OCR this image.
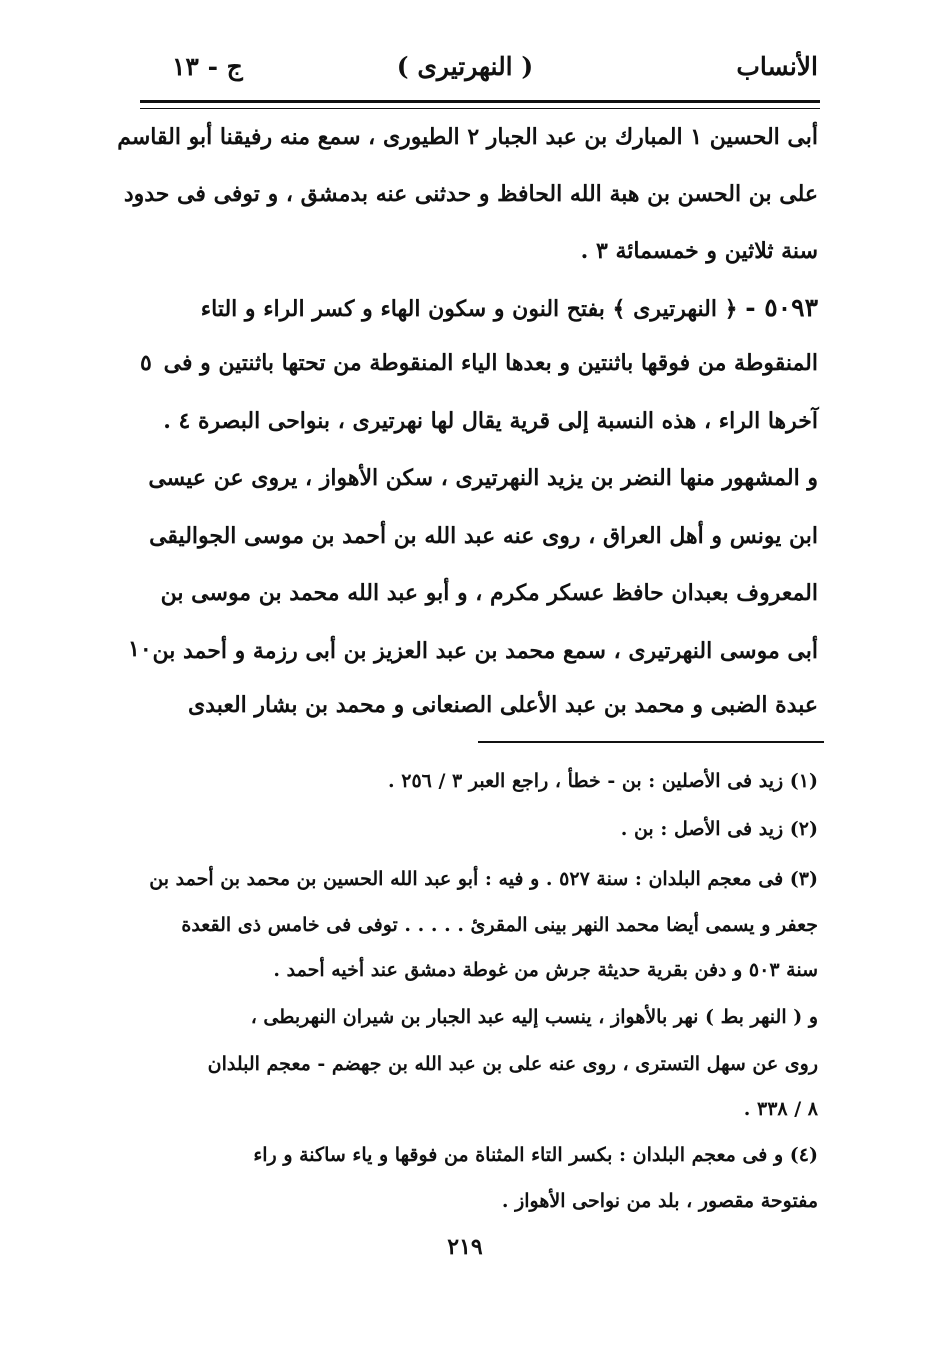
الأنساب
( النهرتيرى )
ج - ١٣
أبى الحسين ١ المبارك بن عبد الجبار ٢ الطيورى ، سمع منه رفيقنا أبو القاسم
على بن الحسن بن هبة الله الحافظ و حدثنى عنه بدمشق ، و توفى فى حدود
سنة ثلاثين و خمسمائة ٣ .
٥٠٩٣ - ﴿ النهرتيرى ﴾ بفتح النون و سكون الهاء و كسر الراء و التاء
المنقوطة من فوقها باثنتين و بعدها الياء المنقوطة من تحتها باثنتين و فى
٥
آخرها الراء ، هذه النسبة إلى قرية يقال لها نهرتيرى ، بنواحى البصرة ٤ .
و المشهور منها النضر بن يزيد النهرتيرى ، سكن الأهواز ، يروى عن عيسى
ابن يونس و أهل العراق ، روى عنه عبد الله بن أحمد بن موسى الجواليقى
المعروف بعبدان حافظ عسكر مكرم ، و أبو عبد الله محمد بن موسى بن
أبى موسى النهرتيرى ، سمع محمد بن عبد العزيز بن أبى رزمة و أحمد بن
١٠
عبدة الضبى و محمد بن عبد الأعلى الصنعانى و محمد بن بشار العبدى
(١) زيد فى الأصلين : بن - خطأ ، راجع العبر ٣ / ٢٥٦ .
(٢) زيد فى الأصل : بن .
(٣) فى معجم البلدان : سنة ٥٢٧ . و فيه : أبو عبد الله الحسين بن محمد بن أحمد بن
جعفر و يسمى أيضا محمد النهر بينى المقرئ . . . . . توفى فى خامس ذى القعدة
سنة ٥٠٣ و دفن بقرية حديثة جرش من غوطة دمشق عند أخيه أحمد .
و ( النهر بط ) نهر بالأهواز ، ينسب إليه عبد الجبار بن شيران النهربطى ،
روى عن سهل التسترى ، روى عنه على بن عبد الله بن جهضم - معجم البلدان
٨ / ٣٣٨ .
(٤) و فى معجم البلدان : بكسر التاء المثناة من فوقها و ياء ساكنة و راء
مفتوحة مقصور ، بلد من نواحى الأهواز .
٢١٩
